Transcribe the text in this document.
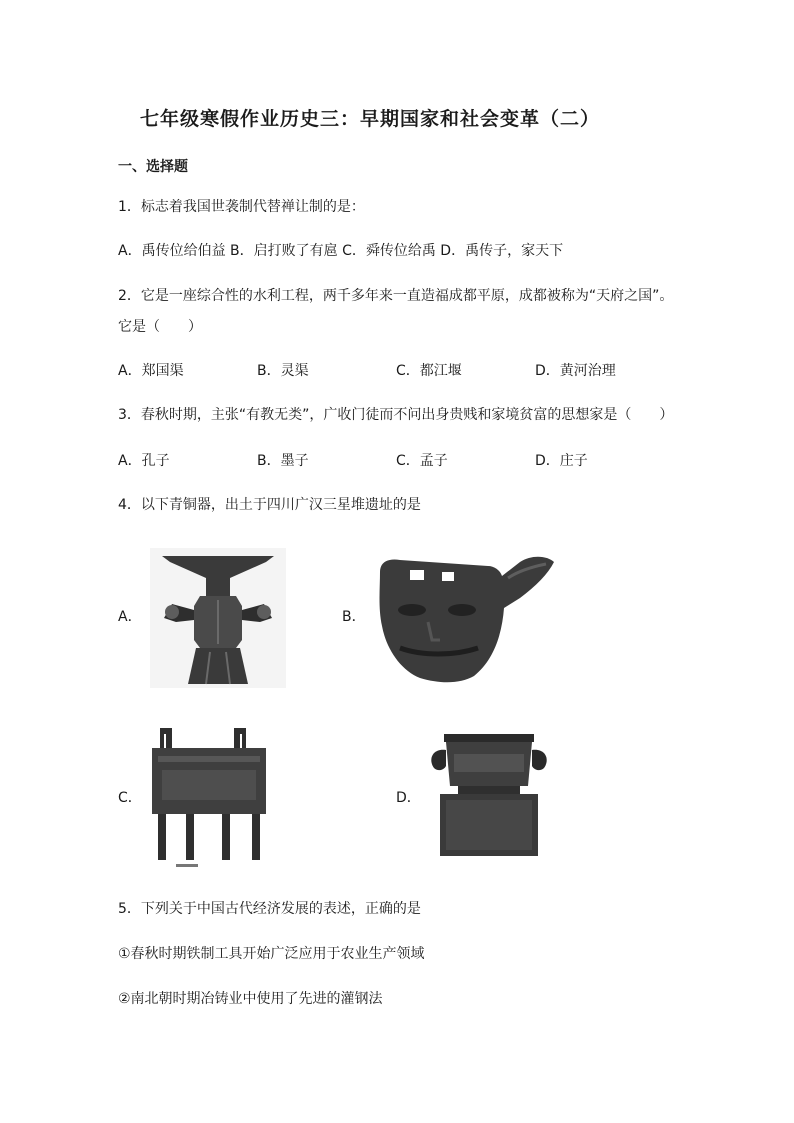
七年级寒假作业历史三：早期国家和社会变革（二）
一、选择题
1．标志着我国世袭制代替禅让制的是：
A．禹传位给伯益 B．启打败了有扈 C．舜传位给禹 D．禹传子，家天下
2．它是一座综合性的水利工程，两千多年来一直造福成都平原，成都被称为“天府之国”。
它是（　　）
A．郑国渠	B．灵渠	C．都江堰	D．黄河治理
3．春秋时期，主张“有教无类”，广收门徒而不问出身贵贱和家境贫富的思想家是（　　）
A．孔子	B．墨子	C．孟子	D．庄子
4．以下青铜器，出土于四川广汉三星堆遗址的是
A．	B．
C．	D．
5．下列关于中国古代经济发展的表述，正确的是
①春秋时期铁制工具开始广泛应用于农业生产领域
②南北朝时期冶铸业中使用了先进的灌钢法
